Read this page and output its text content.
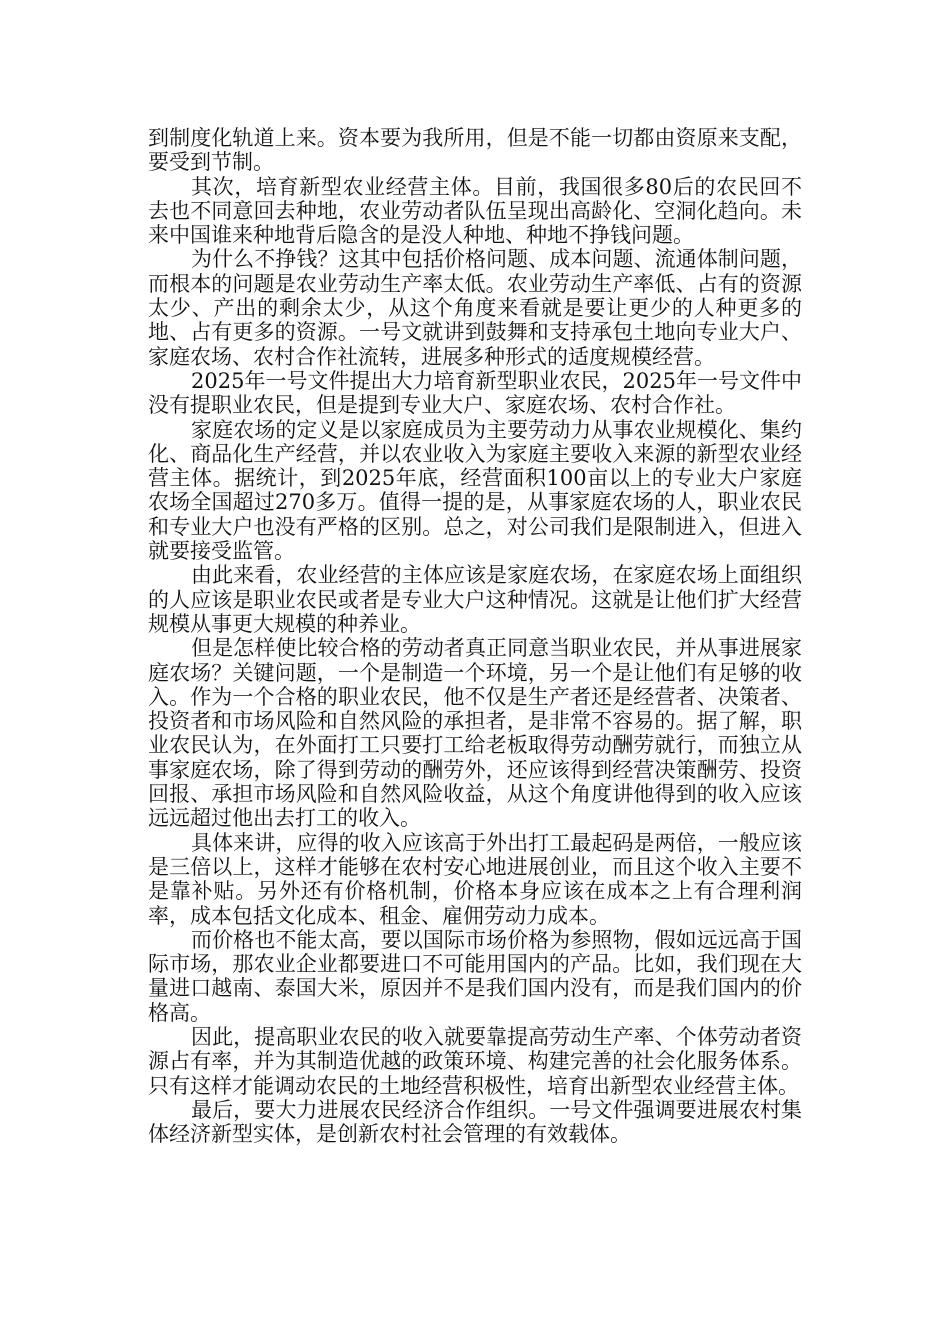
到制度化轨道上来。资本要为我所用，但是不能一切都由资原来支配，要受到节制。

其次，培育新型农业经营主体。目前，我国很多80后的农民回不去也不同意回去种地，农业劳动者队伍呈现出高龄化、空洞化趋向。未来中国谁来种地背后隐含的是没人种地、种地不挣钱问题。

为什么不挣钱？这其中包括价格问题、成本问题、流通体制问题，而根本的问题是农业劳动生产率太低。农业劳动生产率低、占有的资源太少、产出的剩余太少，从这个角度来看就是要让更少的人种更多的地、占有更多的资源。一号文就讲到鼓舞和支持承包土地向专业大户、家庭农场、农村合作社流转，进展多种形式的适度规模经营。

2025年一号文件提出大力培育新型职业农民，2025年一号文件中没有提职业农民，但是提到专业大户、家庭农场、农村合作社。

家庭农场的定义是以家庭成员为主要劳动力从事农业规模化、集约化、商品化生产经营，并以农业收入为家庭主要收入来源的新型农业经营主体。据统计，到2025年底，经营面积100亩以上的专业大户家庭农场全国超过270多万。值得一提的是，从事家庭农场的人，职业农民和专业大户也没有严格的区别。总之，对公司我们是限制进入，但进入就要接受监管。

由此来看，农业经营的主体应该是家庭农场，在家庭农场上面组织的人应该是职业农民或者是专业大户这种情况。这就是让他们扩大经营规模从事更大规模的种养业。

但是怎样使比较合格的劳动者真正同意当职业农民，并从事进展家庭农场？关键问题，一个是制造一个环境，另一个是让他们有足够的收入。作为一个合格的职业农民，他不仅是生产者还是经营者、决策者、投资者和市场风险和自然风险的承担者，是非常不容易的。据了解，职业农民认为，在外面打工只要打工给老板取得劳动酬劳就行，而独立从事家庭农场，除了得到劳动的酬劳外，还应该得到经营决策酬劳、投资回报、承担市场风险和自然风险收益，从这个角度讲他得到的收入应该远远超过他出去打工的收入。

具体来讲，应得的收入应该高于外出打工最起码是两倍，一般应该是三倍以上，这样才能够在农村安心地进展创业，而且这个收入主要不是靠补贴。另外还有价格机制，价格本身应该在成本之上有合理利润率，成本包括文化成本、租金、雇佣劳动力成本。

而价格也不能太高，要以国际市场价格为参照物，假如远远高于国际市场，那农业企业都要进口不可能用国内的产品。比如，我们现在大量进口越南、泰国大米，原因并不是我们国内没有，而是我们国内的价格高。

因此，提高职业农民的收入就要靠提高劳动生产率、个体劳动者资源占有率，并为其制造优越的政策环境、构建完善的社会化服务体系。只有这样才能调动农民的土地经营积极性，培育出新型农业经营主体。

最后，要大力进展农民经济合作组织。一号文件强调要进展农村集体经济新型实体，是创新农村社会管理的有效载体。
